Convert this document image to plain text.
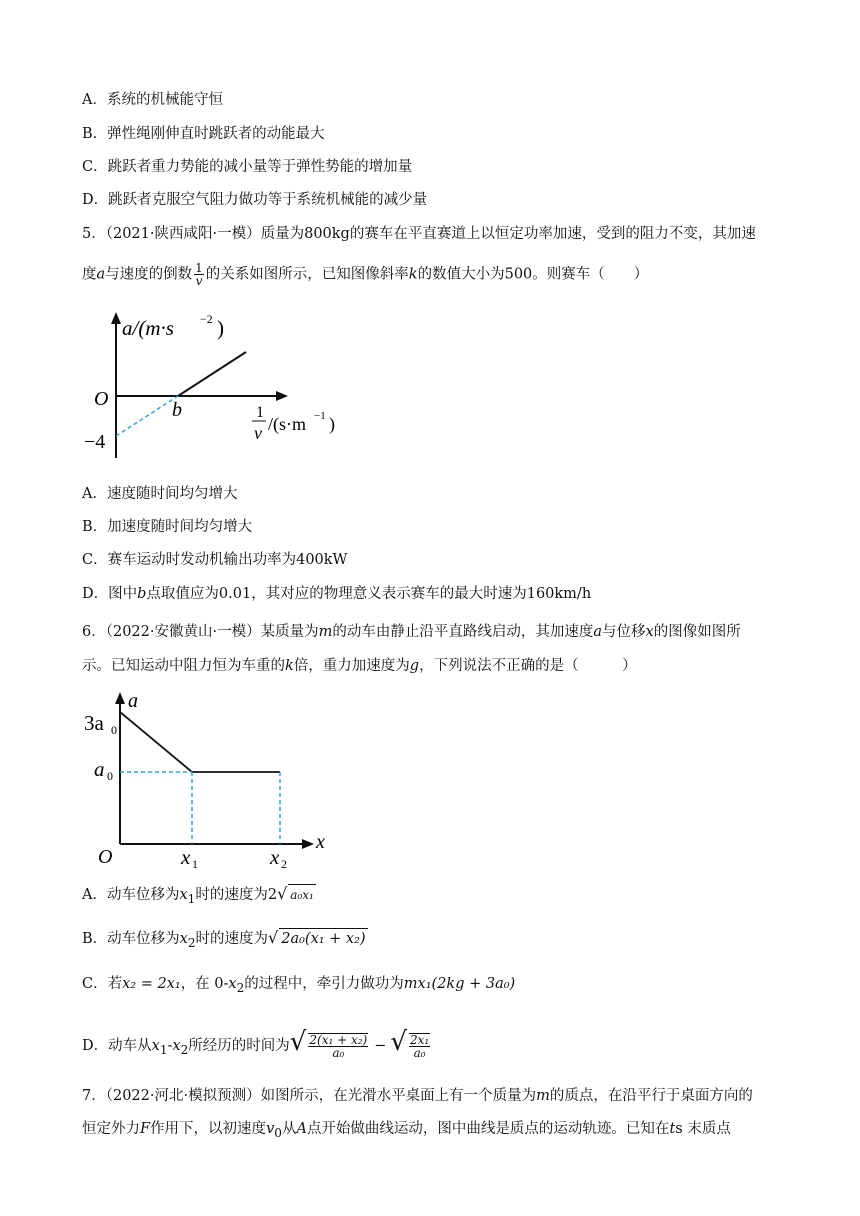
A．系统的机械能守恒
B．弹性绳刚伸直时跳跃者的动能最大
C．跳跃者重力势能的减小量等于弹性势能的增加量
D．跳跃者克服空气阻力做功等于系统机械能的减少量
5．（2021·陕西咸阳·一模）质量为800kg的赛车在平直赛道上以恒定功率加速，受到的阻力不变，其加速
度a与速度的倒数 $\frac{1}{v}$ 的关系如图所示，已知图像斜率k的数值大小为500。则赛车（　　）
a/(m·s −2 )
O	b
−4
1
v /(s·m −1 )
A．速度随时间均匀增大
B．加速度随时间均匀增大
C．赛车运动时发动机输出功率为400kW
D．图中b点取值应为0.01，其对应的物理意义表示赛车的最大时速为160km/h
6．（2022·安徽黄山·一模）某质量为m的动车由静止沿平直路线启动，其加速度a与位移x的图像如图所
示。已知运动中阻力恒为车重的k倍，重力加速度为g，下列说法不正确的是（　　　）
a
x
O
3a 0
a 0
x 1	x 2
A．动车位移为$x_1$时的速度为2√ a₀x₁
B．动车位移为$x_2$时的速度为√ 2a₀(x₁ + x₂)
C．若x₂ = 2x₁，在 $0-x_2$的过程中，牵引力做功为mx₁(2kg + 3a₀)
D．动车从$x_1-x_2$所经历的时间为√ $\frac{\text{2(x₁ + x₂)}}{\text{a₀}}$ − √ $\frac{\text{2x₁}}{\text{a₀}}$
7．（2022·河北·模拟预测）如图所示，在光滑水平桌面上有一个质量为m的质点，在沿平行于桌面方向的
恒定外力F作用下，以初速度$v_0$从A点开始做曲线运动，图中曲线是质点的运动轨迹。已知在ts 末质点
